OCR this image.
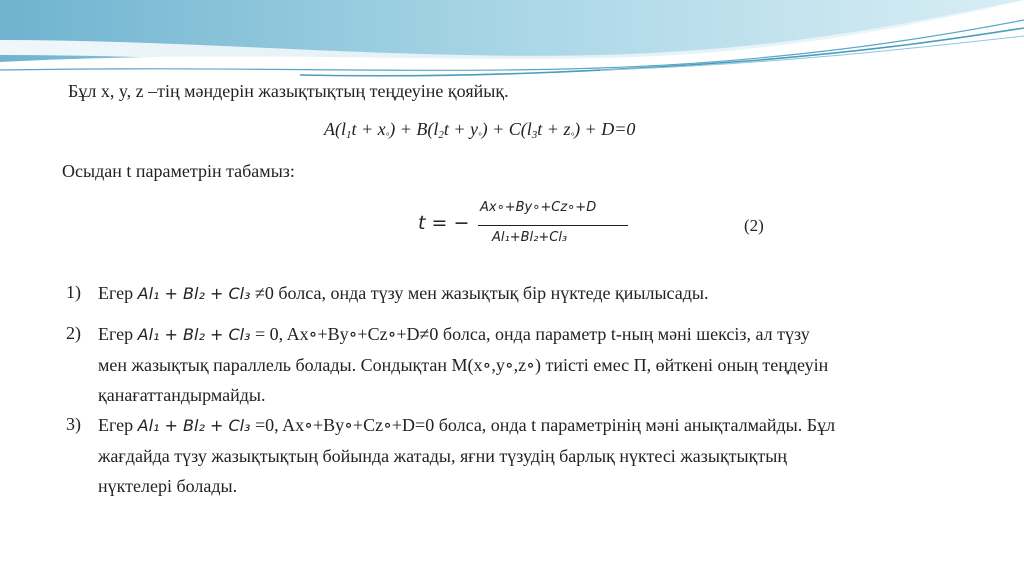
Бұл x, y, z –тің мәндерін жазықтықтың теңдеуіне қояйық.
$A(l_1t + x^\circ) + B(l_2t + y^\circ) + C(l_3t + z^\circ) + D=0$
Осыдан t параметрін табамыз:
t = −
Ax∘+By∘+Cz∘+D
Al₁+Bl₂+Cl₃
(2)
1) Егер Al₁ + Bl₂ + Cl₃ ≠0 болса, онда түзу мен жазықтық бір нүктеде қиылысады.
2) Егер Al₁ + Bl₂ + Cl₃ = 0, Ax∘+By∘+Cz∘+D≠0 болса, онда параметр t-ның мәні шексіз, ал түзу
мен жазықтық параллель болады. Сондықтан M(x∘,y∘,z∘) тиісті емес П, өйткені оның теңдеуін
қанағаттандырмайды.
3) Егер Al₁ + Bl₂ + Cl₃ =0, Ax∘+By∘+Cz∘+D=0 болса, онда t параметрінің мәні анықталмайды. Бұл
жағдайда түзу жазықтықтың бойында жатады, яғни түзудің барлық нүктесі жазықтықтың
нүктелері болады.
